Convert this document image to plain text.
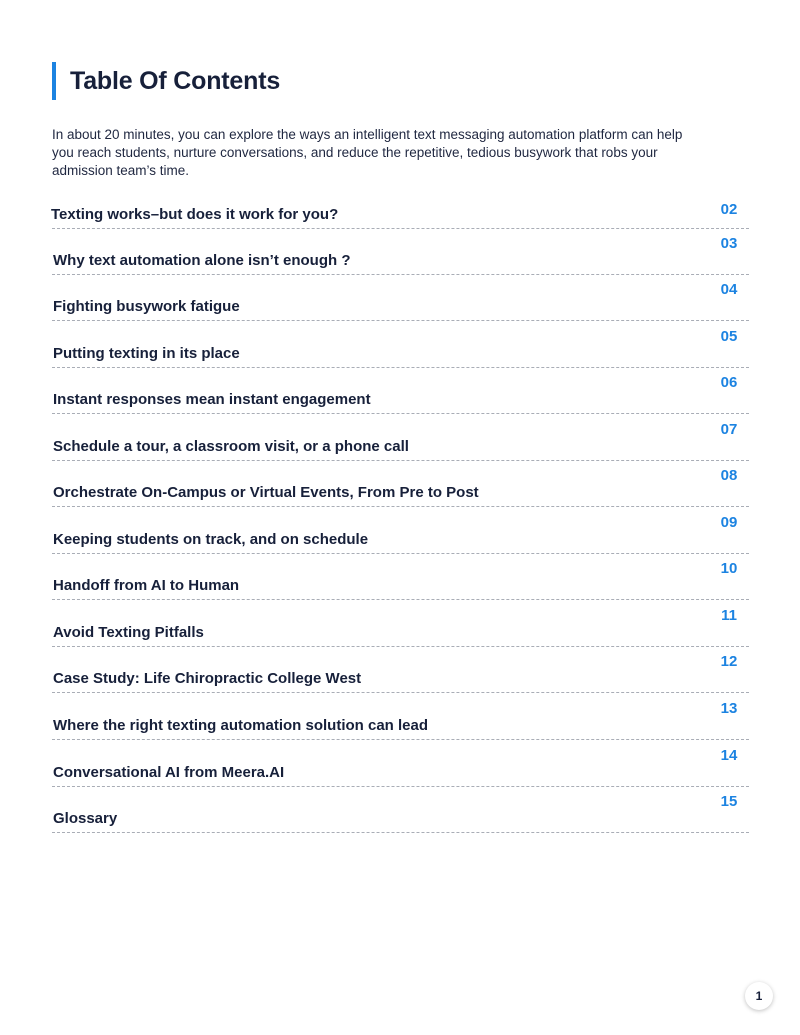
Table Of Contents
In about 20 minutes, you can explore the ways an intelligent text messaging automation platform can help you reach students, nurture conversations, and reduce the repetitive, tedious busywork that robs your admission team’s time.
Texting works–but does it work for you?	02
Why text automation alone isn’t enough ?
03
Fighting busywork fatigue
04
Putting texting in its place
05
Instant responses mean instant engagement
06
Schedule a tour, a classroom visit, or a phone call
07
Orchestrate On-Campus or Virtual Events, From Pre to Post
08
Keeping students on track, and on schedule
09
Handoff from AI to Human
10
Avoid Texting Pitfalls
11
Case Study: Life Chiropractic College West
12
Where the right texting automation solution can lead
13
Conversational AI from Meera.AI
14
Glossary
15
1
